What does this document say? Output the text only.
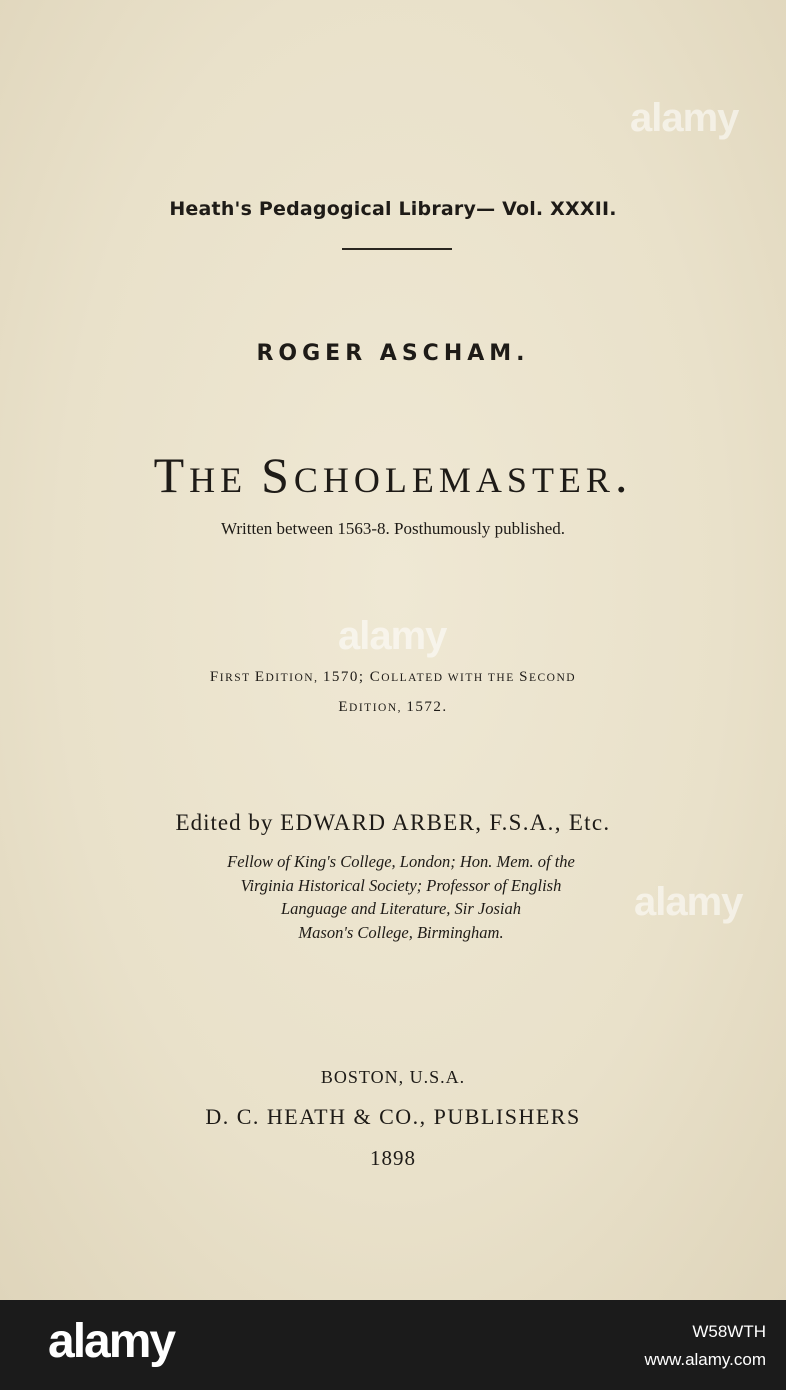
Heath's Pedagogical Library— Vol. XXXII.
ROGER ASCHAM.
THE SCHOLEMASTER.
Written between 1563-8. Posthumously published.
FIRST EDITION, 1570; COLLATED WITH THE SECOND
EDITION, 1572.
Edited by EDWARD ARBER, F.S.A., Etc.
Fellow of King's College, London; Hon. Mem. of the
Virginia Historical Society; Professor of English
Language and Literature, Sir Josiah
Mason's College, Birmingham.
BOSTON, U.S.A.
D. C. HEATH & CO., PUBLISHERS
1898
alamy
alamy
alamy
alamy	W58WTH
www.alamy.com
